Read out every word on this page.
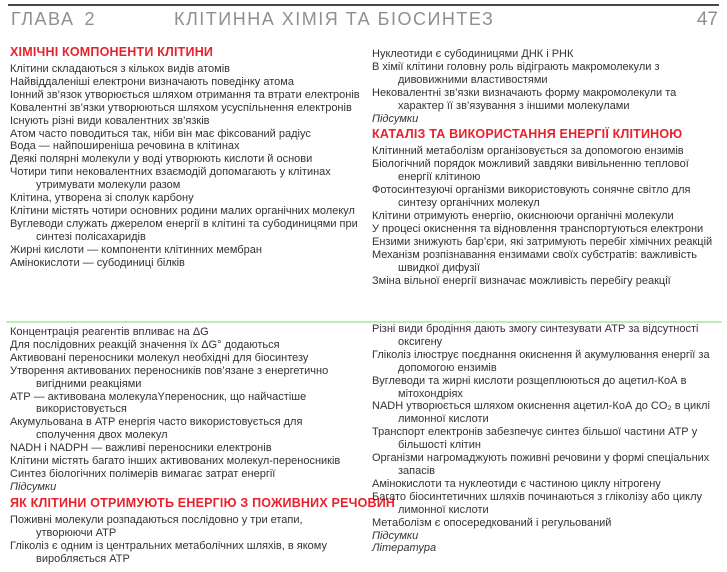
ГЛАВА 2	КЛІТИННА ХІМІЯ ТА БІОСИНТЕЗ	47
ХІМІЧНІ КОМПОНЕНТИ КЛІТИНИ
Клітини складаються з кількох видів атомів
Найвіддаленіші електрони визначають поведінку атома
Іонний зв’язок утворюється шляхом отримання та втрати електронів
Ковалентні зв’язки утворюються шляхом усуспільнення електронів
Існують різні види ковалентних зв’язків
Атом часто поводиться так, ніби він має фіксований радіус
Вода — найпоширеніша речовина в клітинах
Деякі полярні молекули у воді утворюють кислоти й основи
Чотири типи нековалентних взаємодій допомагають у клітинах утримувати молекули разом
Клітина, утворена зі сполук карбону
Клітини містять чотири основних родини малих органічних молекул
Вуглеводи служать джерелом енергії в клітині та субодиницями при синтезі полісахаридів
Жирні кислоти — компоненти клітинних мембран
Амінокислоти — субодиниці білків
Нуклеотиди є субодиницями ДНК і РНК
В хімії клітини головну роль відіграють макромолекули з дивовижними властивостями
Нековалентні зв’язки визначають форму макромолекули та характер її зв’язування з іншими молекулами
Підсумки
КАТАЛІЗ ТА ВИКОРИСТАННЯ ЕНЕРГІЇ КЛІТИНОЮ
Клітинний метаболізм організовується за допомогою ензимів
Біологічний порядок можливий завдяки вивільненню теплової енергії клітиною
Фотосинтезуючі організми використовують сонячне світло для синтезу органічних молекул
Клітини отримують енергію, окиснюючи органічні молекули
У процесі окиснення та відновлення транспортуються електрони
Ензими знижують бар’єри, які затримують перебіг хімічних реакцій
Механізм розпізнавання ензимами своїх субстратів: важливість швидкої дифузії
Зміна вільної енергії визначає можливість перебігу реакції
Концентрація реагентів впливає на ΔG
Для послідовних реакцій значення їх ΔG° додаються
Активовані переносники молекул необхідні для біосинтезу
Утворення активованих переносників пов’язане з енергетично вигідними реакціями
АТР — активована молекулаYпереносник, що найчастіше використовується
Акумульована в АТР енергія часто використовується для сполучення двох молекул
NADH і NADPH — важливі переносники електронів
Клітини містять багато інших активованих молекул-переносників
Синтез біологічних полімерів вимагає затрат енергії
Підсумки
ЯК КЛІТИНИ ОТРИМУЮТЬ ЕНЕРГІЮ З ПОЖИВНИХ РЕЧОВИН
Поживні молекули розпадаються послідовно у три етапи, утворюючи АТР
Гліколіз є одним із центральних метаболічних шляхів, в якому виробляється АТР
Різні види бродіння дають змогу синтезувати АТР за відсутності оксигену
Гліколіз ілюструє поєднання окиснення й акумулювання енергії за допомогою ензимів
Вуглеводи та жирні кислоти розщеплюються до ацетил-КоА в мітохондріях
NADH утворюється шляхом окиснення ацетил-КоА до CO₂ в циклі лимонної кислоти
Транспорт електронів забезпечує синтез більшої частини АТР у більшості клітин
Організми нагромаджують поживні речовини у формі спеціальних запасів
Амінокислоти та нуклеотиди є частиною циклу нітрогену
Багато біосинтетичних шляхів починаються з гліколізу або циклу лимонної кислоти
Метаболізм є опосередкований і регульований
Підсумки
Література
